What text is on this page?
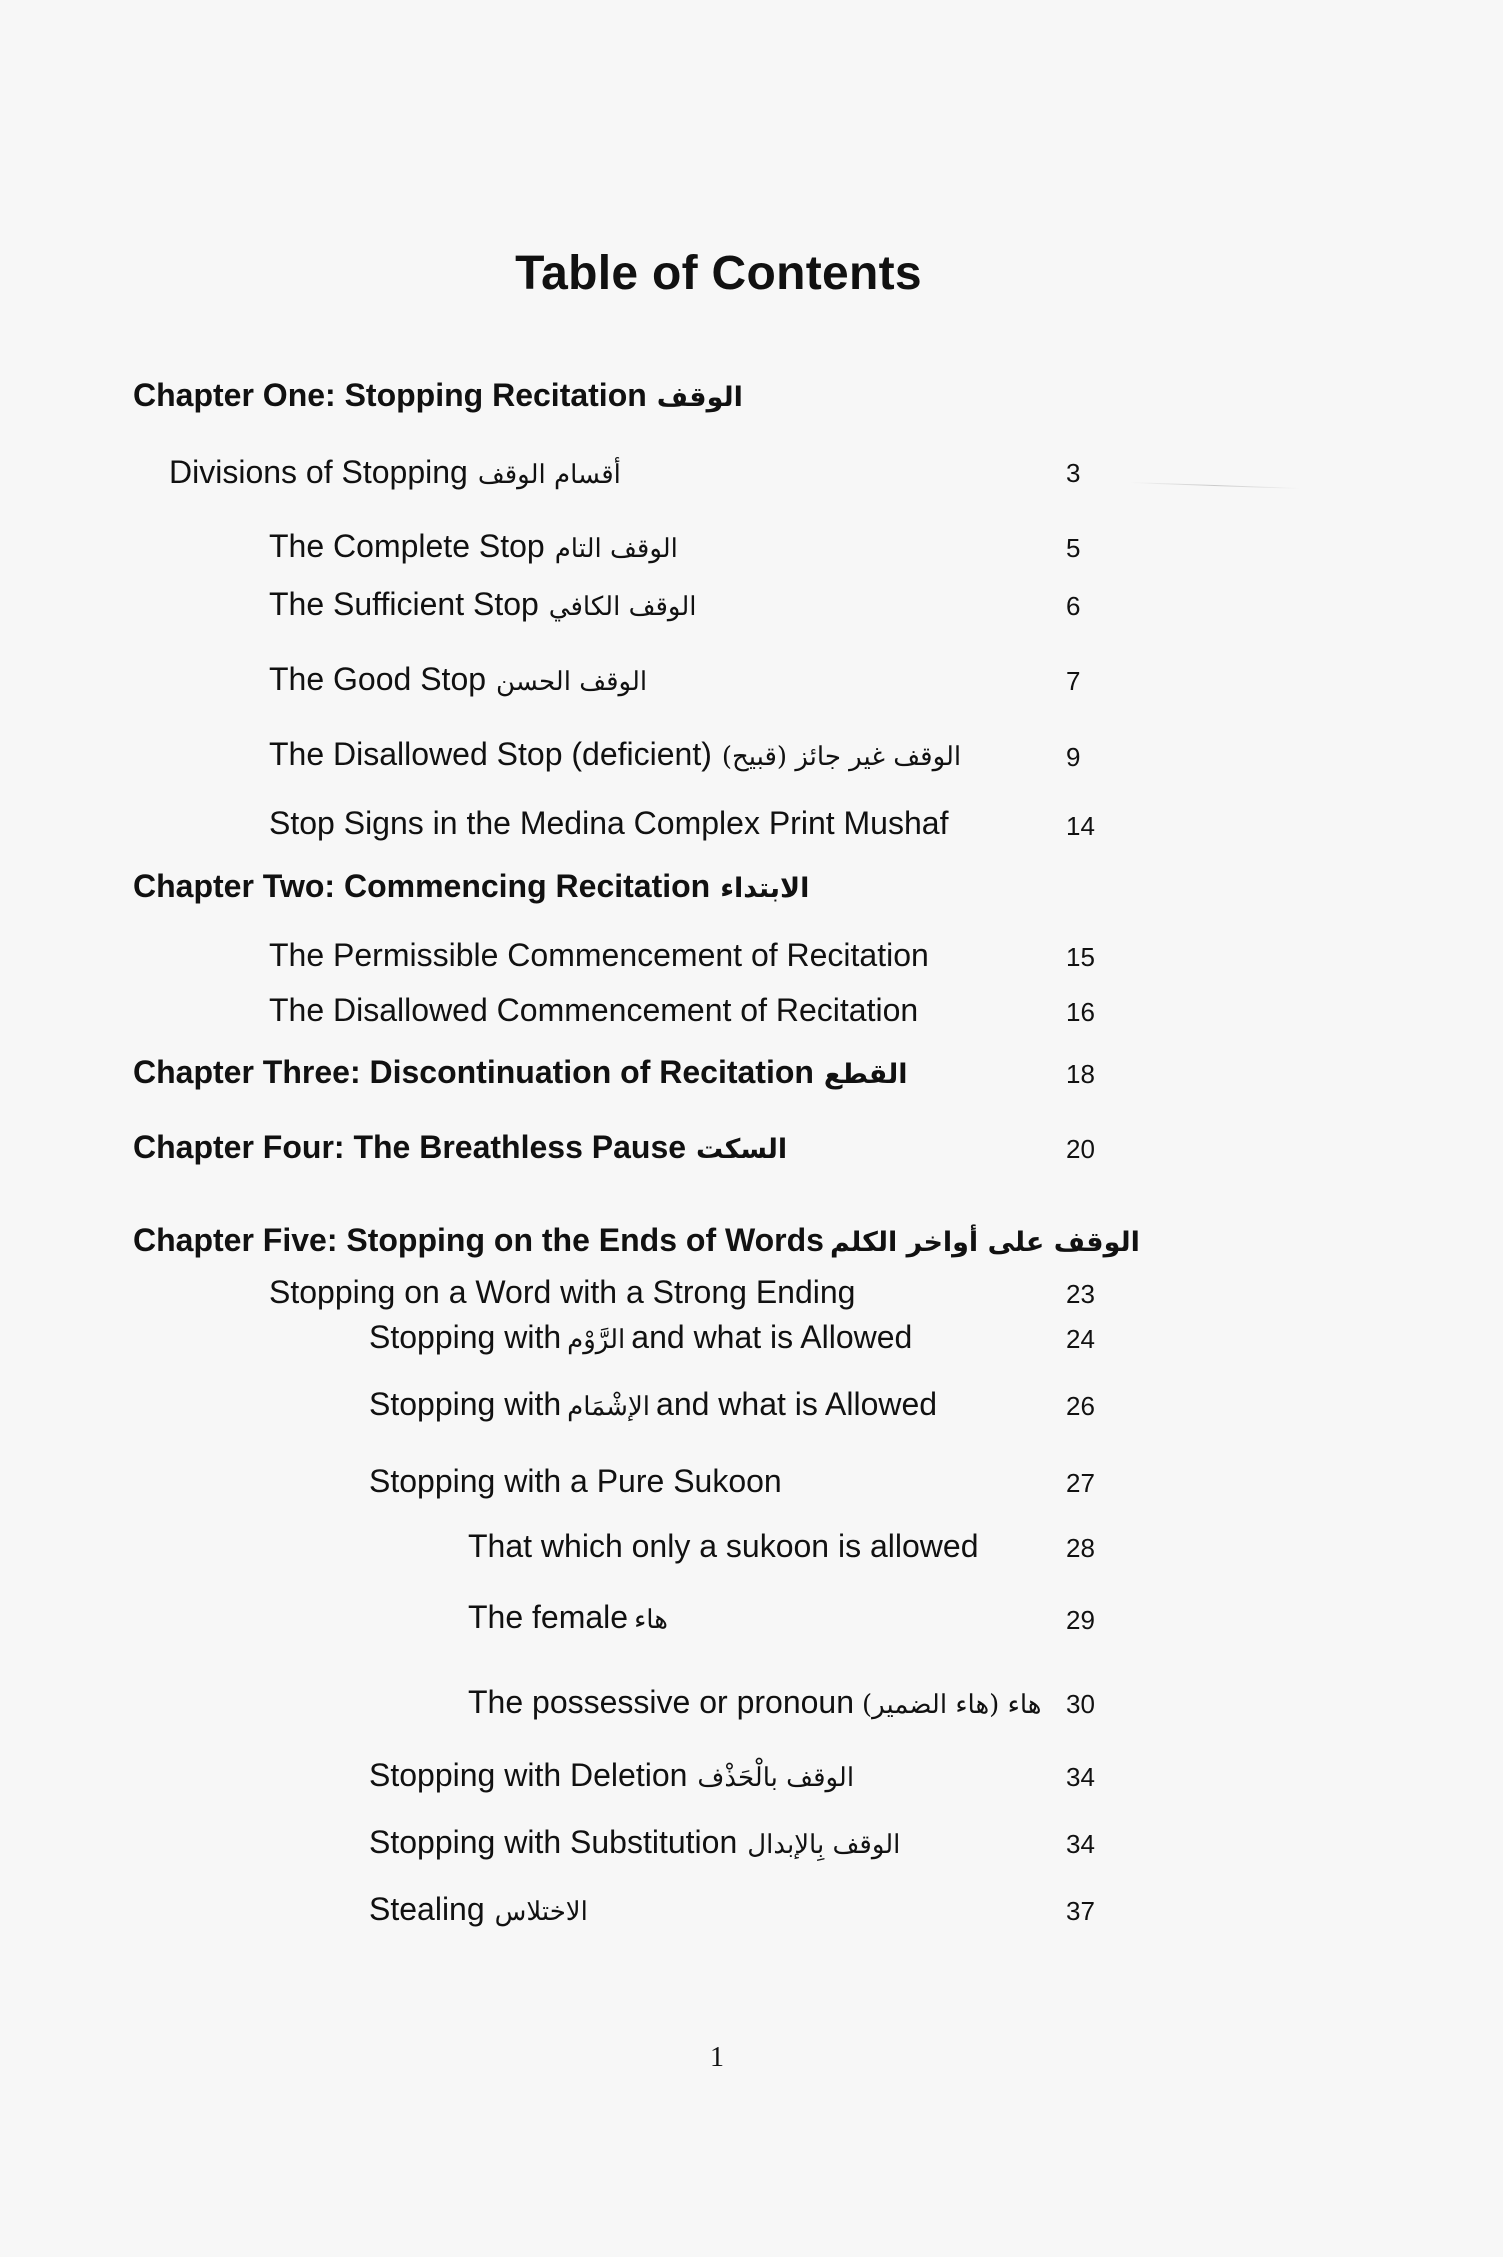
Table of Contents
Chapter One: Stopping Recitation الوقف
Divisions of Stopping أقسام الوقف	3
The Complete Stop الوقف التام	5
The Sufficient Stop الوقف الكافي	6
The Good Stop الوقف الحسن	7
The Disallowed Stop (deficient) الوقف غير جائز (قبيح)	9
Stop Signs in the Medina Complex Print Mushaf	14
Chapter Two: Commencing Recitation الابتداء
The Permissible Commencement of Recitation	15
The Disallowed Commencement of Recitation	16
Chapter Three: Discontinuation of Recitation القطع	18
Chapter Four: The Breathless Pause السكت	20
Chapter Five: Stopping on the Ends of Words الوقف على أواخر الكلم
Stopping on a Word with a Strong Ending	23
Stopping with الرَّوْم and what is Allowed	24
Stopping with الإشْمَام and what is Allowed	26
Stopping with a Pure Sukoon	27
That which only a sukoon is allowed	28
The female هاء	29
The possessive or pronoun هاء (هاء الضمير) 30
Stopping with Deletion الوقف بالْحَذْف	34
Stopping with Substitution الوقف بِالإبدال	34
Stealing الاختلاس	37
1
